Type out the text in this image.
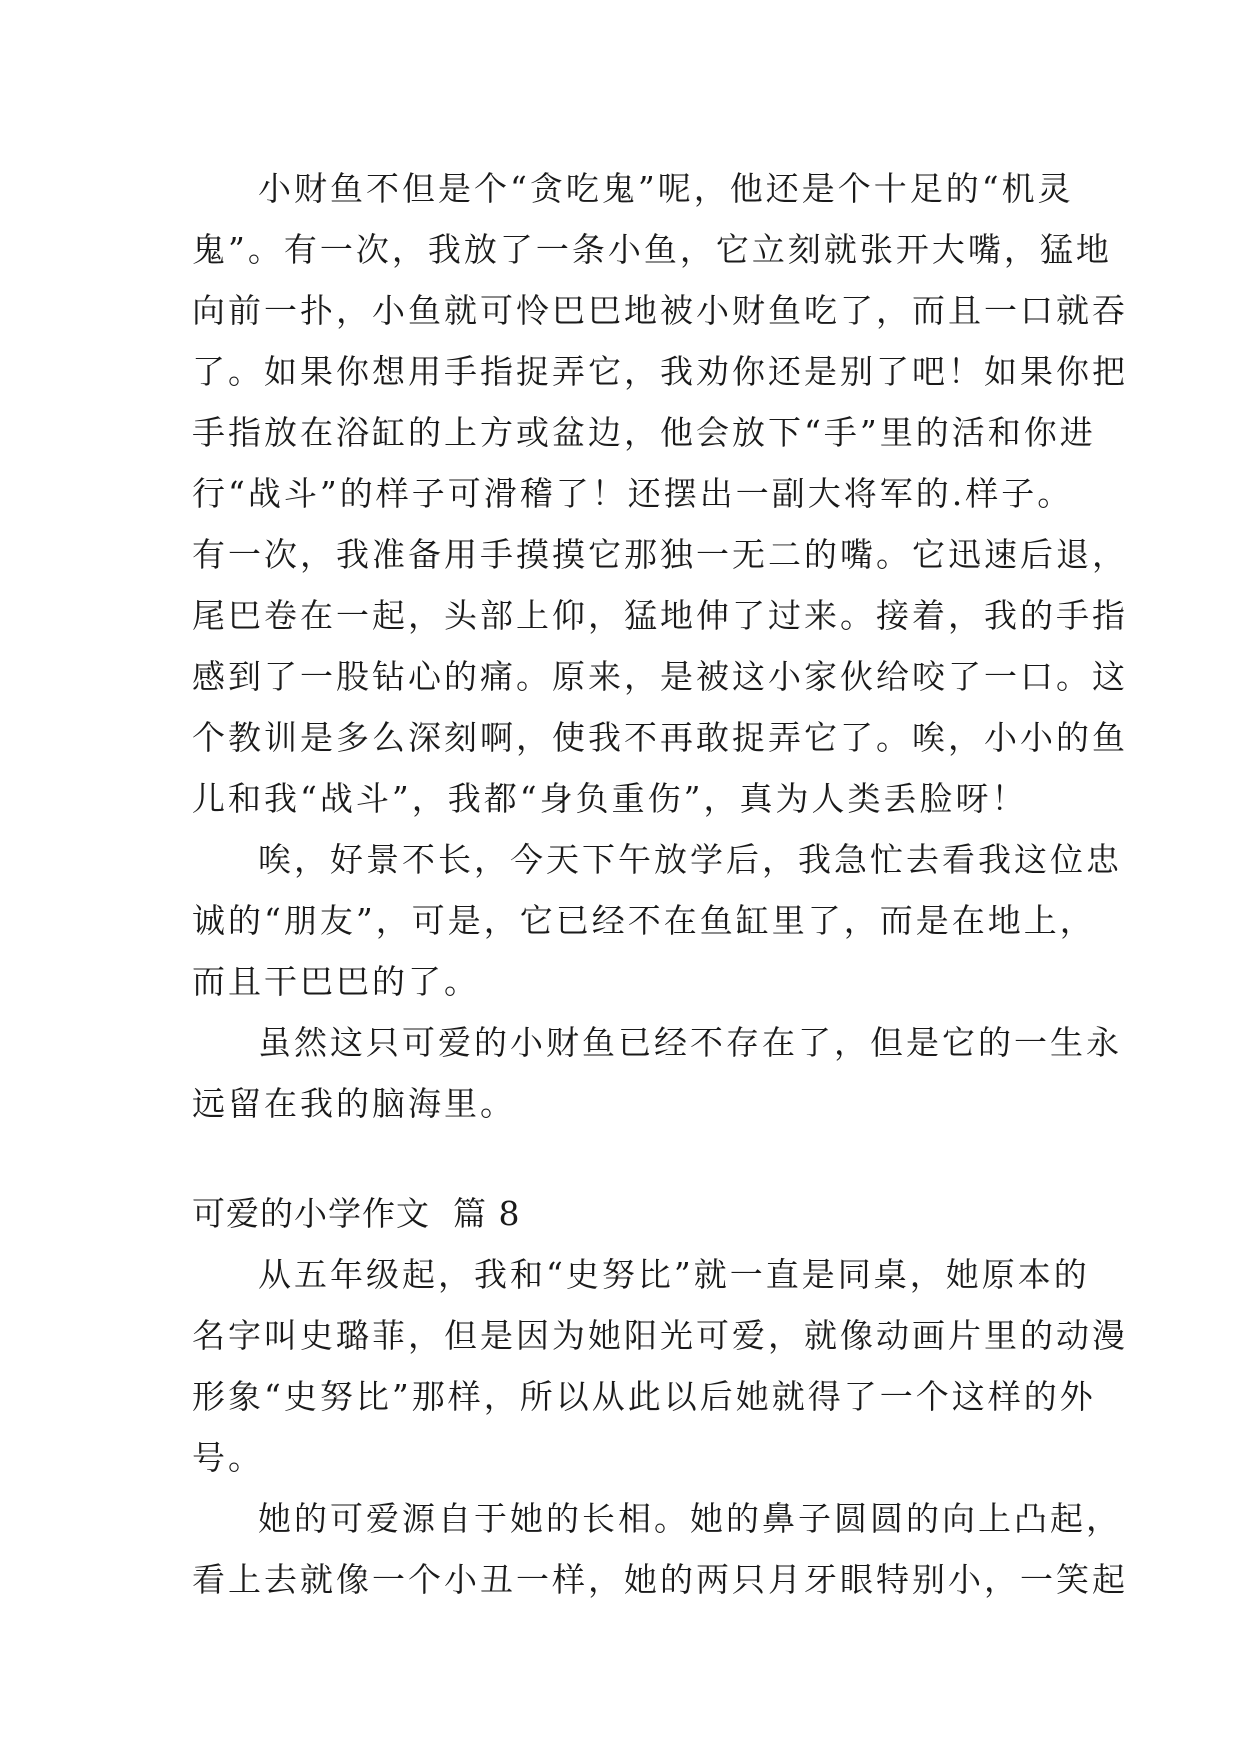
小财鱼不但是个“贪吃鬼”呢，他还是个十足的“机灵
鬼”。有一次，我放了一条小鱼，它立刻就张开大嘴，猛地
向前一扑，小鱼就可怜巴巴地被小财鱼吃了，而且一口就吞
了。如果你想用手指捉弄它，我劝你还是别了吧！如果你把
手指放在浴缸的上方或盆边，他会放下“手”里的活和你进
行“战斗”的样子可滑稽了！还摆出一副大将军的.样子。
有一次，我准备用手摸摸它那独一无二的嘴。它迅速后退，
尾巴卷在一起，头部上仰，猛地伸了过来。接着，我的手指
感到了一股钻心的痛。原来，是被这小家伙给咬了一口。这
个教训是多么深刻啊，使我不再敢捉弄它了。唉，小小的鱼
儿和我“战斗”，我都“身负重伤”，真为人类丢脸呀！
唉，好景不长，今天下午放学后，我急忙去看我这位忠
诚的“朋友”，可是，它已经不在鱼缸里了，而是在地上，
而且干巴巴的了。
虽然这只可爱的小财鱼已经不存在了，但是它的一生永
远留在我的脑海里。
可爱的小学作文  篇 8
从五年级起，我和“史努比”就一直是同桌，她原本的
名字叫史璐菲，但是因为她阳光可爱，就像动画片里的动漫
形象“史努比”那样，所以从此以后她就得了一个这样的外
号。
她的可爱源自于她的长相。她的鼻子圆圆的向上凸起，
看上去就像一个小丑一样，她的两只月牙眼特别小，一笑起
